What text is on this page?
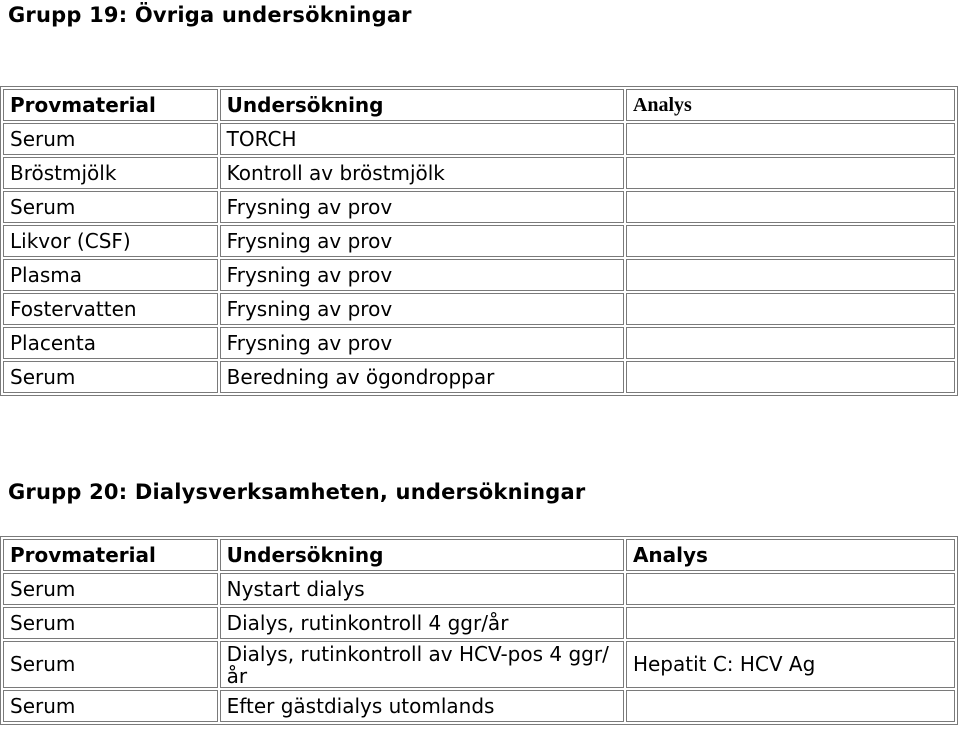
Grupp 19: Övriga undersökningar
Provmaterial	Undersökning	Analys
Serum	TORCH	
Bröstmjölk	Kontroll av bröstmjölk	
Serum	Frysning av prov	
Likvor (CSF)	Frysning av prov	
Plasma	Frysning av prov	
Fostervatten	Frysning av prov	
Placenta	Frysning av prov	
Serum	Beredning av ögondroppar	
Grupp 20: Dialysverksamheten, undersökningar
Provmaterial	Undersökning	Analys
Serum	Nystart dialys	
Serum	Dialys, rutinkontroll 4 ggr/år	
Serum	Dialys, rutinkontroll av HCV-pos 4 ggr/år	Hepatit C: HCV Ag
Serum	Efter gästdialys utomlands	
